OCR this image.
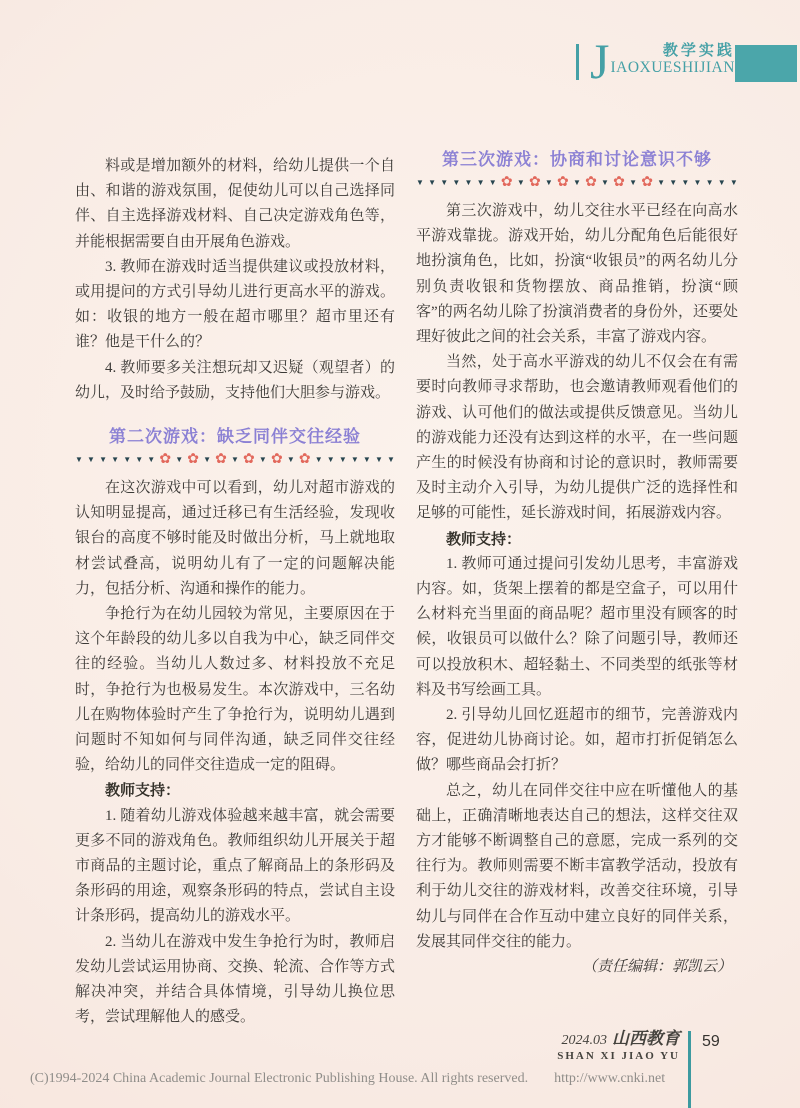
J	教学实践
IAOXUESHIJIAN

料或是增加额外的材料，给幼儿提供一个自由、和谐的游戏氛围，促使幼儿可以自己选择同伴、自主选择游戏材料、自己决定游戏角色等，并能根据需要自由开展角色游戏。

3. 教师在游戏时适当提供建议或投放材料，或用提问的方式引导幼儿进行更高水平的游戏。如：收银的地方一般在超市哪里？超市里还有谁？他是干什么的？

4. 教师要多关注想玩却又迟疑（观望者）的幼儿，及时给予鼓励，支持他们大胆参与游戏。

第二次游戏：缺乏同伴交往经验
▼ ▼ ▼ ▼ ▼ ▼ ▼ ✿ ▼ ✿ ▼ ✿ ▼ ✿ ▼ ✿ ▼ ✿ ▼ ▼ ▼ ▼ ▼ ▼ ▼

在这次游戏中可以看到，幼儿对超市游戏的认知明显提高，通过迁移已有生活经验，发现收银台的高度不够时能及时做出分析，马上就地取材尝试叠高，说明幼儿有了一定的问题解决能力，包括分析、沟通和操作的能力。

争抢行为在幼儿园较为常见，主要原因在于这个年龄段的幼儿多以自我为中心，缺乏同伴交往的经验。当幼儿人数过多、材料投放不充足时，争抢行为也极易发生。本次游戏中，三名幼儿在购物体验时产生了争抢行为，说明幼儿遇到问题时不知如何与同伴沟通，缺乏同伴交往经验，给幼儿的同伴交往造成一定的阻碍。

教师支持：

1. 随着幼儿游戏体验越来越丰富，就会需要更多不同的游戏角色。教师组织幼儿开展关于超市商品的主题讨论，重点了解商品上的条形码及条形码的用途，观察条形码的特点，尝试自主设计条形码，提高幼儿的游戏水平。

2. 当幼儿在游戏中发生争抢行为时，教师启发幼儿尝试运用协商、交换、轮流、合作等方式解决冲突，并结合具体情境，引导幼儿换位思考，尝试理解他人的感受。

第三次游戏：协商和讨论意识不够
▼ ▼ ▼ ▼ ▼ ▼ ▼ ✿ ▼ ✿ ▼ ✿ ▼ ✿ ▼ ✿ ▼ ✿ ▼ ▼ ▼ ▼ ▼ ▼ ▼

第三次游戏中，幼儿交往水平已经在向高水平游戏靠拢。游戏开始，幼儿分配角色后能很好地扮演角色，比如，扮演“收银员”的两名幼儿分别负责收银和货物摆放、商品推销，扮演“顾客”的两名幼儿除了扮演消费者的身份外，还要处理好彼此之间的社会关系，丰富了游戏内容。

当然，处于高水平游戏的幼儿不仅会在有需要时向教师寻求帮助，也会邀请教师观看他们的游戏、认可他们的做法或提供反馈意见。当幼儿的游戏能力还没有达到这样的水平，在一些问题产生的时候没有协商和讨论的意识时，教师需要及时主动介入引导，为幼儿提供广泛的选择性和足够的可能性，延长游戏时间，拓展游戏内容。

教师支持：

1. 教师可通过提问引发幼儿思考，丰富游戏内容。如，货架上摆着的都是空盒子，可以用什么材料充当里面的商品呢？超市里没有顾客的时候，收银员可以做什么？除了问题引导，教师还可以投放积木、超轻黏土、不同类型的纸张等材料及书写绘画工具。

2. 引导幼儿回忆逛超市的细节，完善游戏内容，促进幼儿协商讨论。如，超市打折促销怎么做？哪些商品会打折？

总之，幼儿在同伴交往中应在听懂他人的基础上，正确清晰地表达自己的想法，这样交往双方才能够不断调整自己的意愿，完成一系列的交往行为。教师则需要不断丰富教学活动，投放有利于幼儿交往的游戏材料，改善交往环境，引导幼儿与同伴在合作互动中建立良好的同伴关系，发展其同伴交往的能力。

（责任编辑：郭凯云）

2024.03 山西教育
SHAN XI JIAO YU
59
(C)1994-2024 China Academic Journal Electronic Publishing House. All rights reserved. http://www.cnki.net
